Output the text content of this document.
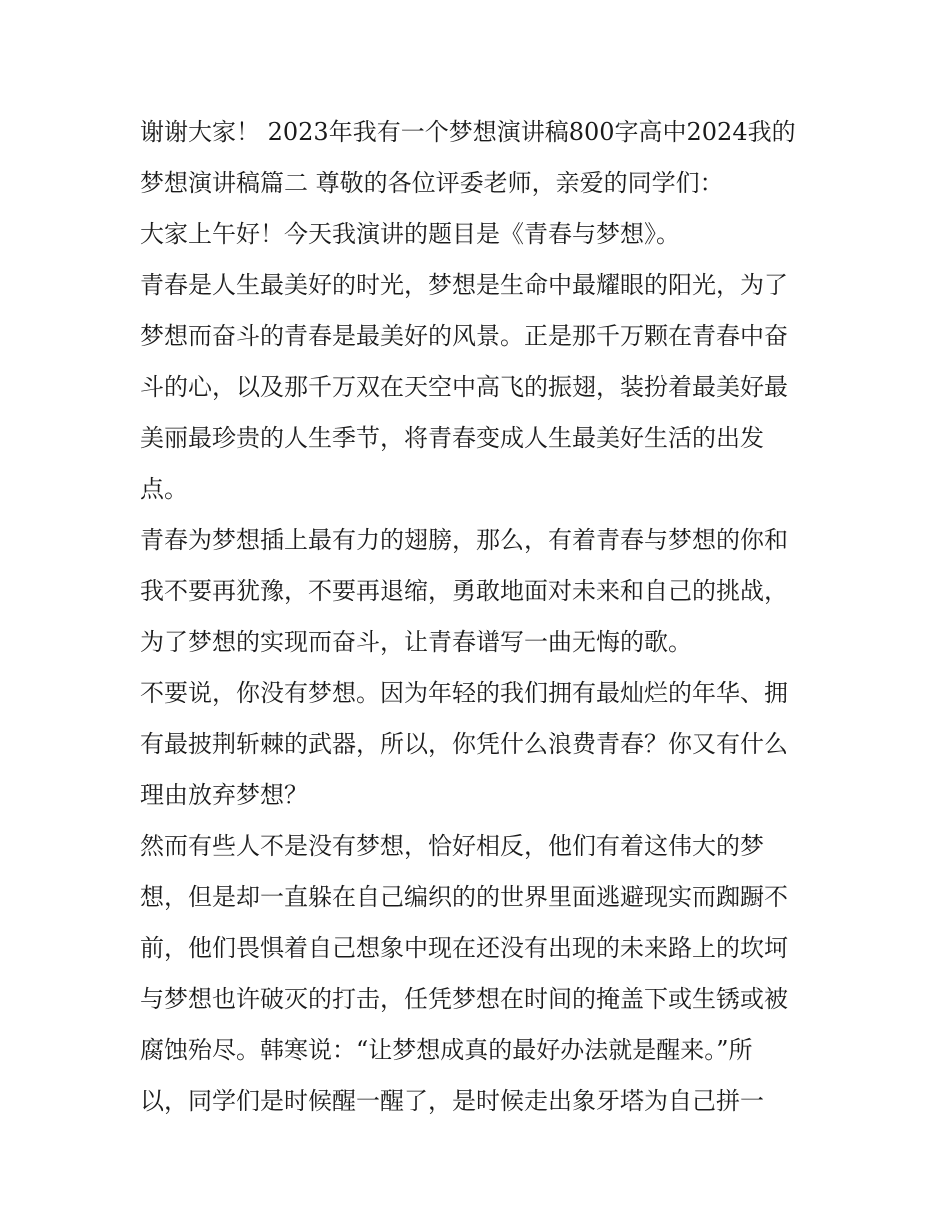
谢谢大家！ 2023年我有一个梦想演讲稿800字高中2024我的
梦想演讲稿篇二 尊敬的各位评委老师，亲爱的同学们：
大家上午好！今天我演讲的题目是《青春与梦想》。
青春是人生最美好的时光，梦想是生命中最耀眼的阳光，为了
梦想而奋斗的青春是最美好的风景。正是那千万颗在青春中奋
斗的心，以及那千万双在天空中高飞的振翅，装扮着最美好最
美丽最珍贵的人生季节，将青春变成人生最美好生活的出发
点。
青春为梦想插上最有力的翅膀，那么，有着青春与梦想的你和
我不要再犹豫，不要再退缩，勇敢地面对未来和自己的挑战，
为了梦想的实现而奋斗，让青春谱写一曲无悔的歌。
不要说，你没有梦想。因为年轻的我们拥有最灿烂的年华、拥
有最披荆斩棘的武器，所以，你凭什么浪费青春？你又有什么
理由放弃梦想？
然而有些人不是没有梦想，恰好相反，他们有着这伟大的梦
想，但是却一直躲在自己编织的的世界里面逃避现实而踟蹰不
前，他们畏惧着自己想象中现在还没有出现的未来路上的坎坷
与梦想也许破灭的打击，任凭梦想在时间的掩盖下或生锈或被
腐蚀殆尽。韩寒说：“让梦想成真的最好办法就是醒来。”所
以，同学们是时候醒一醒了，是时候走出象牙塔为自己拼一
